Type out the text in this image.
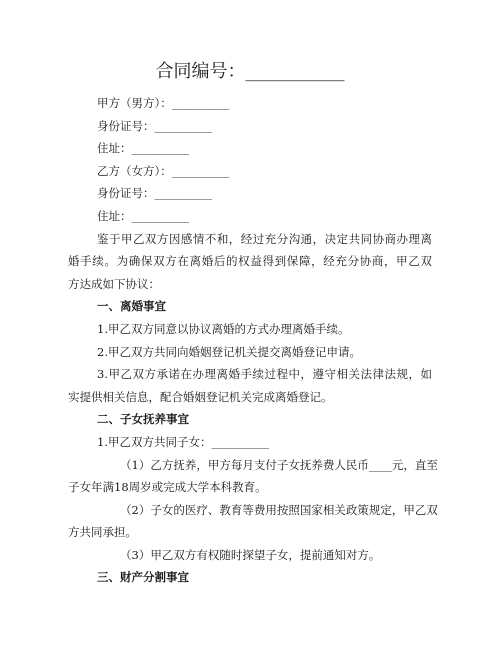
合同编号：___________
甲方（男方）：__________
身份证号：__________
住址：__________
乙方（女方）：__________
身份证号：__________
住址：__________
鉴于甲乙双方因感情不和，经过充分沟通，决定共同协商办理离
婚手续。为确保双方在离婚后的权益得到保障，经充分协商，甲乙双
方达成如下协议：
一、离婚事宜
1.甲乙双方同意以协议离婚的方式办理离婚手续。
2.甲乙双方共同向婚姻登记机关提交离婚登记申请。
3.甲乙双方承诺在办理离婚手续过程中，遵守相关法律法规，如
实提供相关信息，配合婚姻登记机关完成离婚登记。
二、子女抚养事宜
1.甲乙双方共同子女：__________
（1）乙方抚养，甲方每月支付子女抚养费人民币____元，直至
子女年满18周岁或完成大学本科教育。
（2）子女的医疗、教育等费用按照国家相关政策规定，甲乙双
方共同承担。
（3）甲乙双方有权随时探望子女，提前通知对方。
三、财产分割事宜
